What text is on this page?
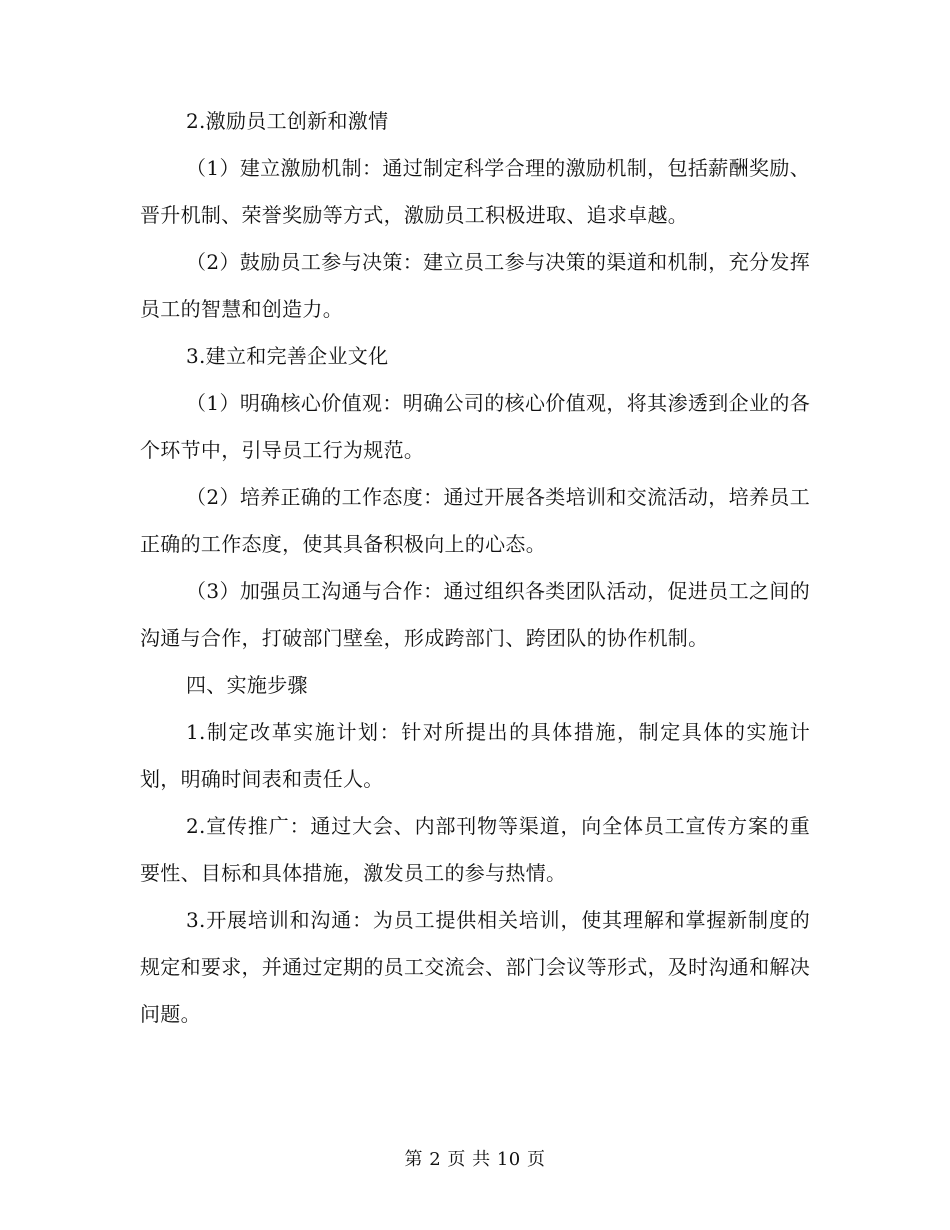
2.激励员工创新和激情

（1）建立激励机制：通过制定科学合理的激励机制，包括薪酬奖励、晋升机制、荣誉奖励等方式，激励员工积极进取、追求卓越。

（2）鼓励员工参与决策：建立员工参与决策的渠道和机制，充分发挥员工的智慧和创造力。

3.建立和完善企业文化

（1）明确核心价值观：明确公司的核心价值观，将其渗透到企业的各个环节中，引导员工行为规范。

（2）培养正确的工作态度：通过开展各类培训和交流活动，培养员工正确的工作态度，使其具备积极向上的心态。

（3）加强员工沟通与合作：通过组织各类团队活动，促进员工之间的沟通与合作，打破部门壁垒，形成跨部门、跨团队的协作机制。

四、实施步骤

1.制定改革实施计划：针对所提出的具体措施，制定具体的实施计划，明确时间表和责任人。

2.宣传推广：通过大会、内部刊物等渠道，向全体员工宣传方案的重要性、目标和具体措施，激发员工的参与热情。

3.开展培训和沟通：为员工提供相关培训，使其理解和掌握新制度的规定和要求，并通过定期的员工交流会、部门会议等形式，及时沟通和解决问题。

第 2 页 共 10 页
